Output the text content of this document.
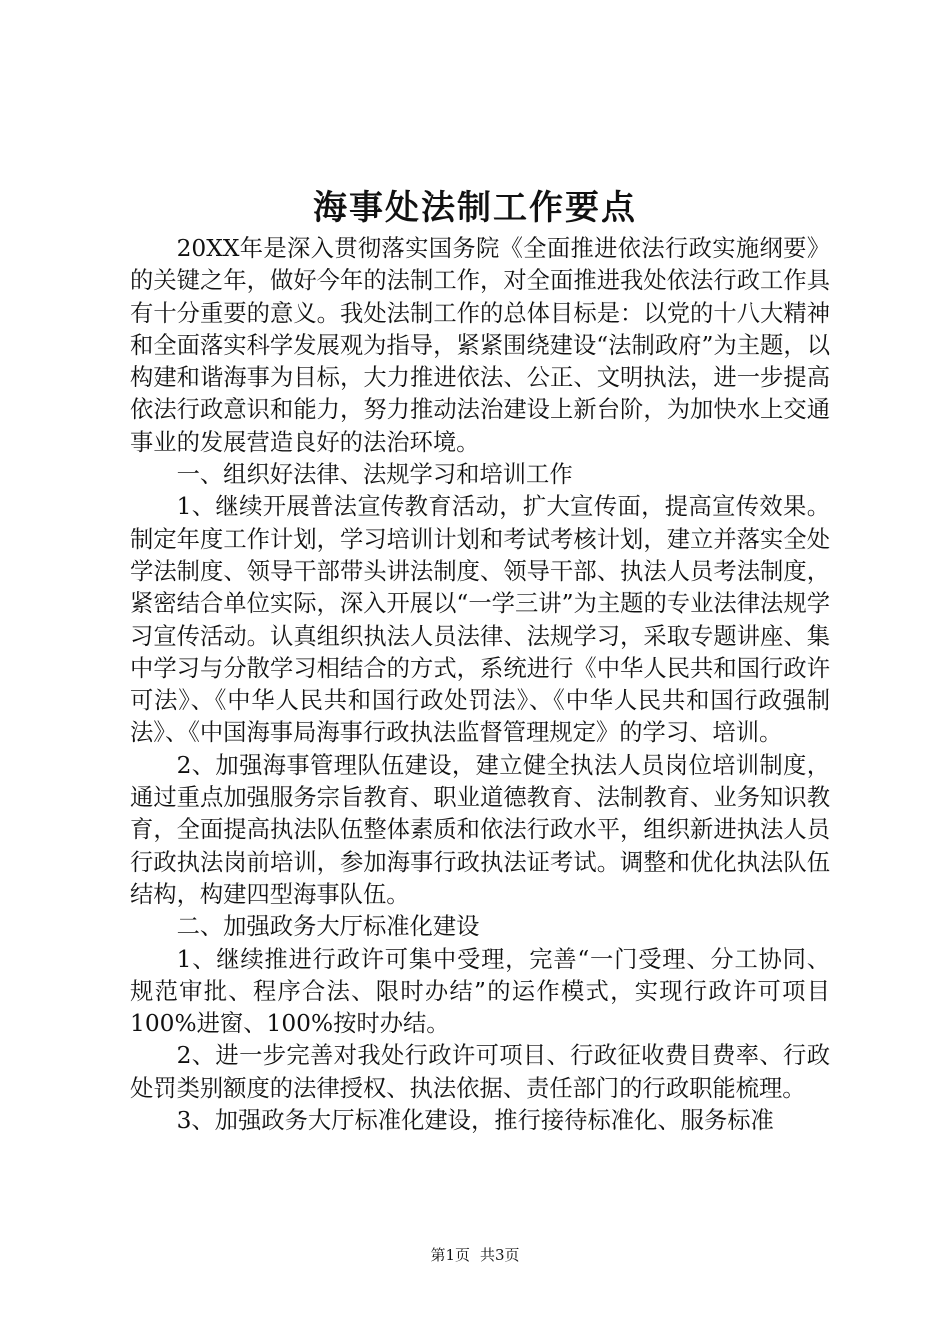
海事处法制工作要点

20XX年是深入贯彻落实国务院《全面推进依法行政实施纲要》的关键之年，做好今年的法制工作，对全面推进我处依法行政工作具有十分重要的意义。我处法制工作的总体目标是：以党的十八大精神和全面落实科学发展观为指导，紧紧围绕建设“法制政府”为主题，以构建和谐海事为目标，大力推进依法、公正、文明执法，进一步提高依法行政意识和能力，努力推动法治建设上新台阶，为加快水上交通事业的发展营造良好的法治环境。

一、组织好法律、法规学习和培训工作

1、继续开展普法宣传教育活动，扩大宣传面，提高宣传效果。制定年度工作计划，学习培训计划和考试考核计划，建立并落实全处学法制度、领导干部带头讲法制度、领导干部、执法人员考法制度，紧密结合单位实际，深入开展以“一学三讲”为主题的专业法律法规学习宣传活动。认真组织执法人员法律、法规学习，采取专题讲座、集中学习与分散学习相结合的方式，系统进行《中华人民共和国行政许可法》、《中华人民共和国行政处罚法》、《中华人民共和国行政强制法》、《中国海事局海事行政执法监督管理规定》的学习、培训。

2、加强海事管理队伍建设，建立健全执法人员岗位培训制度，通过重点加强服务宗旨教育、职业道德教育、法制教育、业务知识教育，全面提高执法队伍整体素质和依法行政水平，组织新进执法人员行政执法岗前培训，参加海事行政执法证考试。调整和优化执法队伍结构，构建四型海事队伍。

二、加强政务大厅标准化建设

1、继续推进行政许可集中受理，完善“一门受理、分工协同、规范审批、程序合法、限时办结”的运作模式，实现行政许可项目100%进窗、100%按时办结。

2、进一步完善对我处行政许可项目、行政征收费目费率、行政处罚类别额度的法律授权、执法依据、责任部门的行政职能梳理。

3、加强政务大厅标准化建设，推行接待标准化、服务标准

第1页 共3页
